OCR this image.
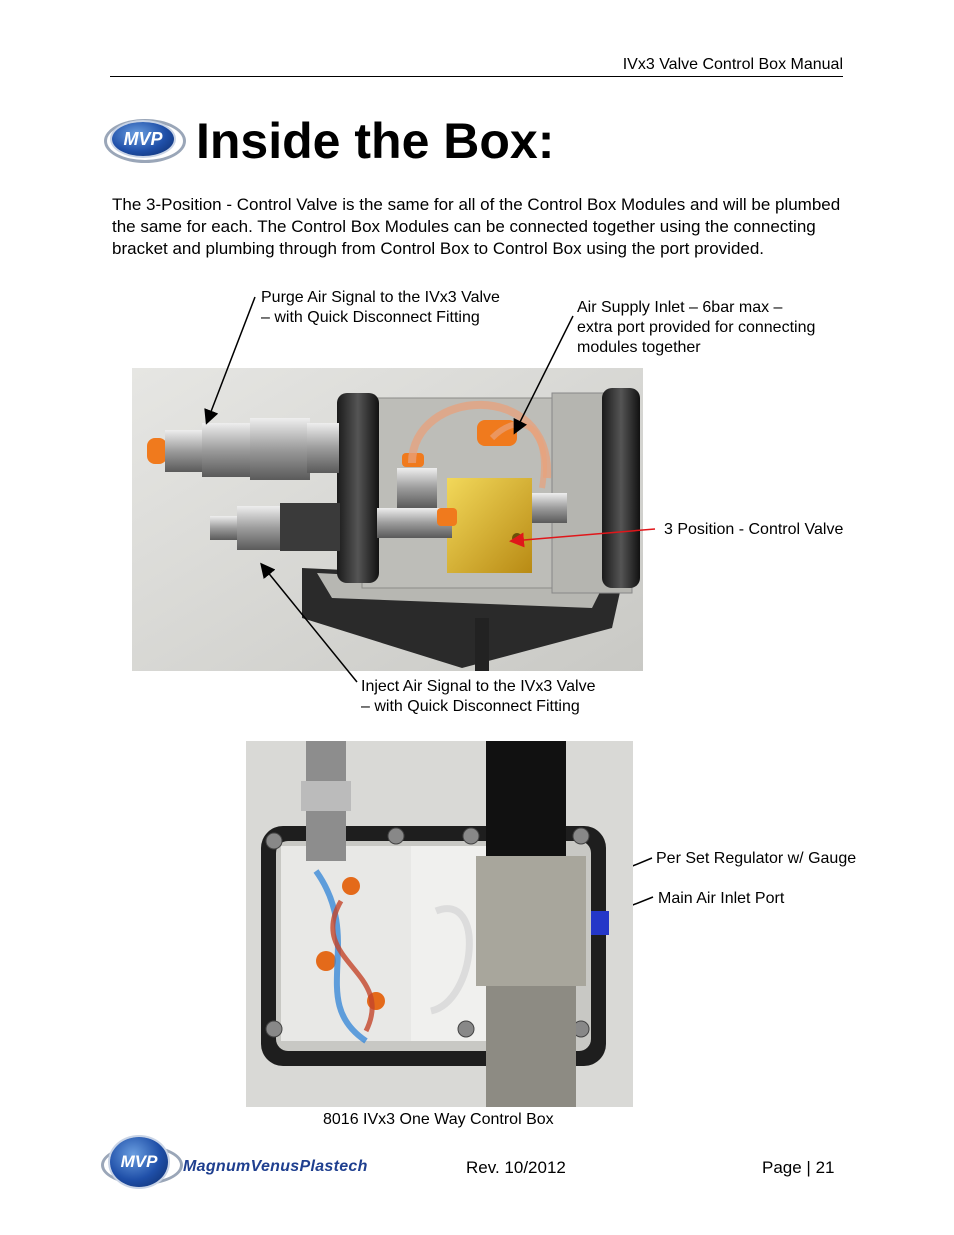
IVx3 Valve Control Box Manual
MVP Inside the Box:
The 3-Position - Control Valve is the same for all of the Control Box Modules and will be plumbed the same for each. The Control Box Modules can be connected together using the connecting bracket and plumbing through from Control Box to Control Box using the port provided.
Purge Air Signal to the IVx3 Valve
– with Quick Disconnect Fitting
Air Supply Inlet – 6bar max –
extra port provided for connecting
modules together
3 Position - Control Valve
Inject Air Signal to the IVx3 Valve
– with Quick Disconnect Fitting
Per Set Regulator w/ Gauge
Main Air Inlet Port
8016 IVx3 One Way Control Box
MVP MagnumVenusPlastech	Rev. 10/2012	Page | 21
